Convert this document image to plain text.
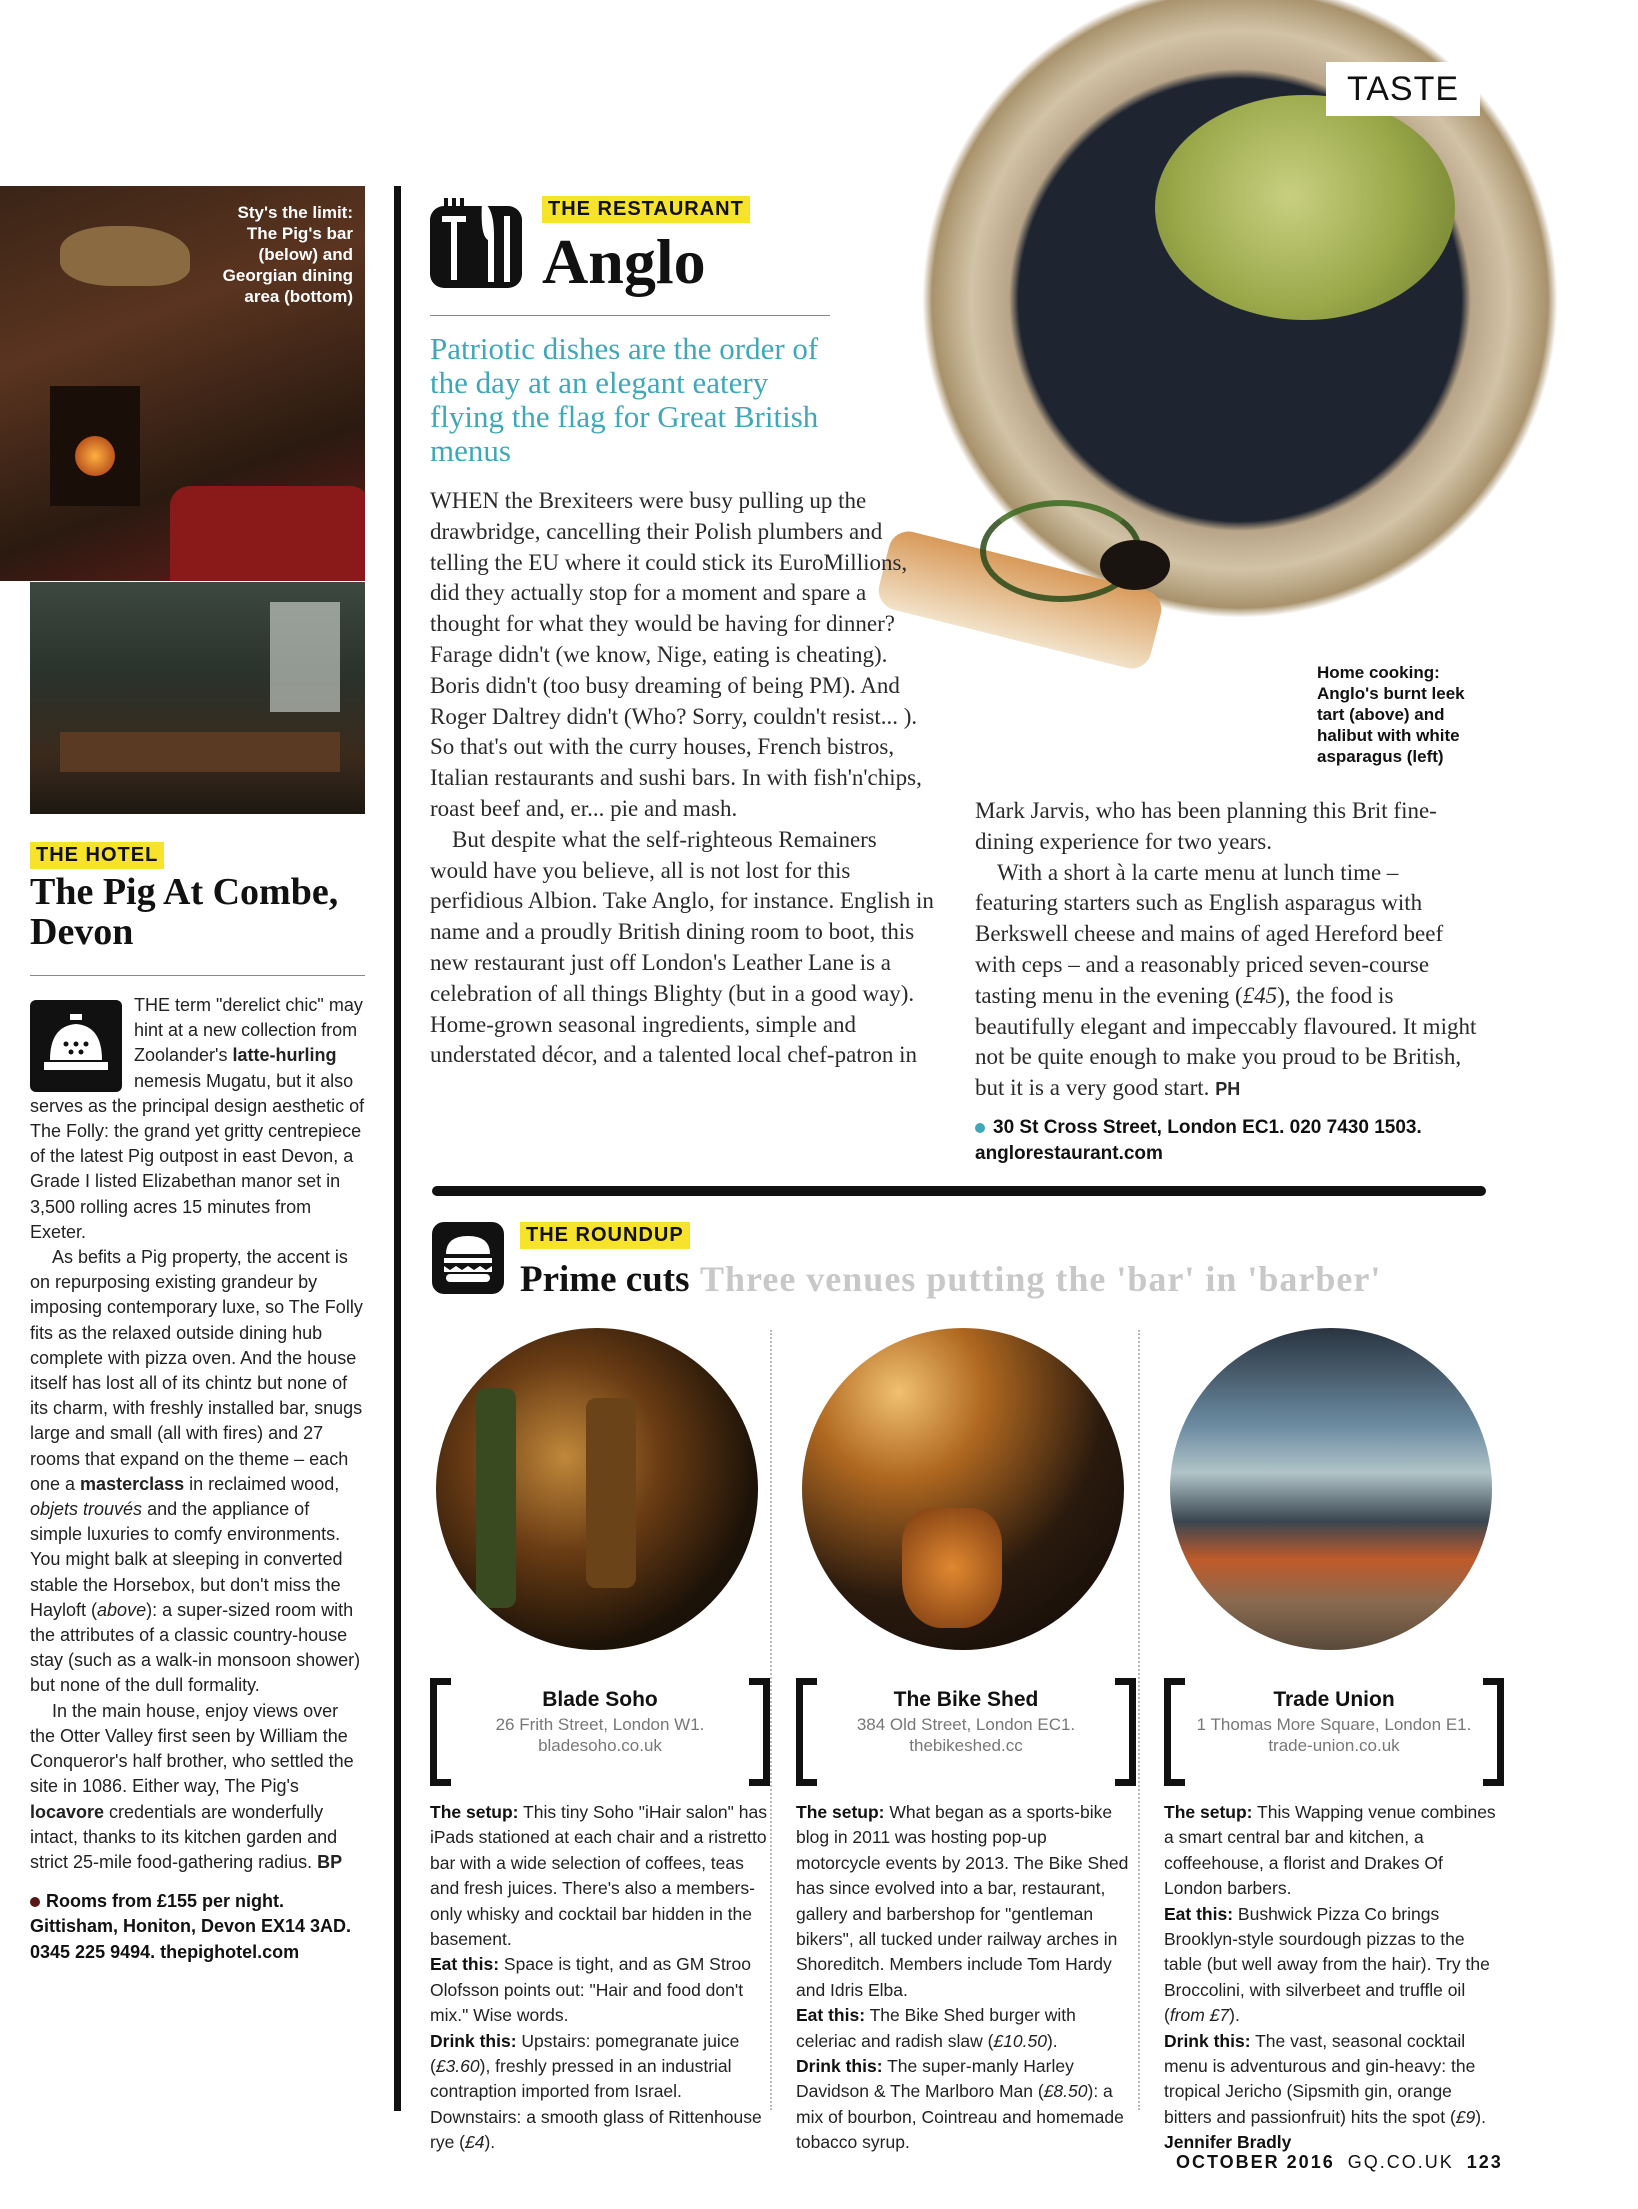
Sty's the limit: The Pig's bar (below) and Georgian dining area (bottom)
THE HOTEL
The Pig At Combe, Devon

THE term "derelict chic" may hint at a new collection from Zoolander's latte-hurling nemesis Mugatu, but it also serves as the principal design aesthetic of The Folly: the grand yet gritty centrepiece of the latest Pig outpost in east Devon, a Grade I listed Elizabethan manor set in 3,500 rolling acres 15 minutes from Exeter.

As befits a Pig property, the accent is on repurposing existing grandeur by imposing contemporary luxe, so The Folly fits as the relaxed outside dining hub complete with pizza oven. And the house itself has lost all of its chintz but none of its charm, with freshly installed bar, snugs large and small (all with fires) and 27 rooms that expand on the theme – each one a masterclass in reclaimed wood, objets trouvés and the appliance of simple luxuries to comfy environments. You might balk at sleeping in converted stable the Horsebox, but don't miss the Hayloft (above): a super-sized room with the attributes of a classic country-house stay (such as a walk-in monsoon shower) but none of the dull formality.

In the main house, enjoy views over the Otter Valley first seen by William the Conqueror's half brother, who settled the site in 1086. Either way, The Pig's locavore credentials are wonderfully intact, thanks to its kitchen garden and strict 25-mile food-gathering radius. BP

Rooms from £155 per night. Gittisham, Honiton, Devon EX14 3AD. 0345 225 9494. thepighotel.com

TASTE
THE RESTAURANT
Anglo
Patriotic dishes are the order of the day at an elegant eatery flying the flag for Great British menus

WHEN the Brexiteers were busy pulling up the drawbridge, cancelling their Polish plumbers and telling the EU where it could stick its EuroMillions, did they actually stop for a moment and spare a thought for what they would be having for dinner? Farage didn't (we know, Nige, eating is cheating). Boris didn't (too busy dreaming of being PM). And Roger Daltrey didn't (Who? Sorry, couldn't resist... ). So that's out with the curry houses, French bistros, Italian restaurants and sushi bars. In with fish'n'chips, roast beef and, er... pie and mash.

But despite what the self-righteous Remainers would have you believe, all is not lost for this perfidious Albion. Take Anglo, for instance. English in name and a proudly British dining room to boot, this new restaurant just off London's Leather Lane is a celebration of all things Blighty (but in a good way). Home-grown seasonal ingredients, simple and understated décor, and a talented local chef-patron in

Home cooking: Anglo's burnt leek tart (above) and halibut with white asparagus (left)

Mark Jarvis, who has been planning this Brit fine-dining experience for two years.

With a short à la carte menu at lunch time – featuring starters such as English asparagus with Berkswell cheese and mains of aged Hereford beef with ceps – and a reasonably priced seven-course tasting menu in the evening (£45), the food is beautifully elegant and impeccably flavoured. It might not be quite enough to make you proud to be British, but it is a very good start. PH

30 St Cross Street, London EC1. 020 7430 1503. anglorestaurant.com

THE ROUNDUP
Prime cuts Three venues putting the 'bar' in 'barber'
Blade Soho
26 Frith Street, London W1. bladesoho.co.uk

The setup: This tiny Soho "iHair salon" has iPads stationed at each chair and a ristretto bar with a wide selection of coffees, teas and fresh juices. There's also a members-only whisky and cocktail bar hidden in the basement.

Eat this: Space is tight, and as GM Stroo Olofsson points out: "Hair and food don't mix." Wise words.

Drink this: Upstairs: pomegranate juice (£3.60), freshly pressed in an industrial contraption imported from Israel. Downstairs: a smooth glass of Rittenhouse rye (£4).

The Bike Shed
384 Old Street, London EC1. thebikeshed.cc

The setup: What began as a sports-bike blog in 2011 was hosting pop-up motorcycle events by 2013. The Bike Shed has since evolved into a bar, restaurant, gallery and barbershop for "gentleman bikers", all tucked under railway arches in Shoreditch. Members include Tom Hardy and Idris Elba.

Eat this: The Bike Shed burger with celeriac and radish slaw (£10.50).

Drink this: The super-manly Harley Davidson & The Marlboro Man (£8.50): a mix of bourbon, Cointreau and homemade tobacco syrup.

Trade Union
1 Thomas More Square, London E1. trade-union.co.uk

The setup: This Wapping venue combines a smart central bar and kitchen, a coffeehouse, a florist and Drakes Of London barbers.

Eat this: Bushwick Pizza Co brings Brooklyn-style sourdough pizzas to the table (but well away from the hair). Try the Broccolini, with silverbeet and truffle oil (from £7).

Drink this: The vast, seasonal cocktail menu is adventurous and gin-heavy: the tropical Jericho (Sipsmith gin, orange bitters and passionfruit) hits the spot (£9). Jennifer Bradly

OCTOBER 2016 GQ.CO.UK 123
